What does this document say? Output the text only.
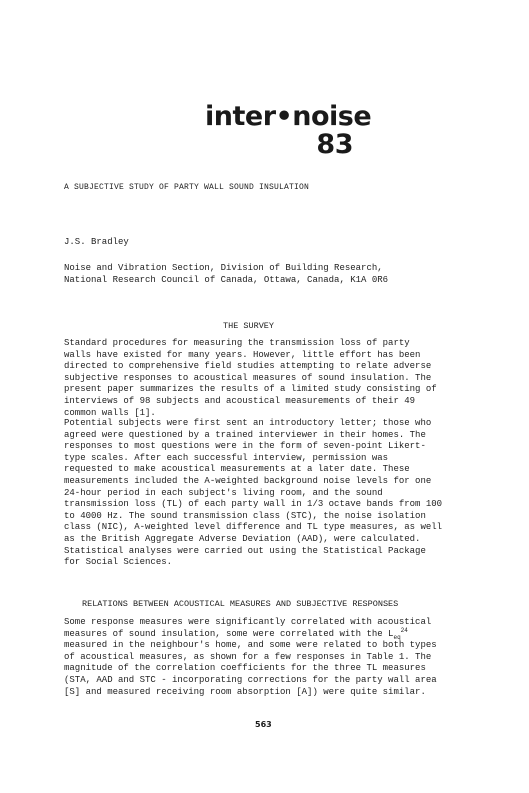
inter•noise
83
A SUBJECTIVE STUDY OF PARTY WALL SOUND INSULATION
J.S. Bradley
Noise and Vibration Section, Division of Building Research,
National Research Council of Canada, Ottawa, Canada, K1A 0R6
THE SURVEY
Standard procedures for measuring the transmission loss of party
walls have existed for many years. However, little effort has been
directed to comprehensive field studies attempting to relate adverse
subjective responses to acoustical measures of sound insulation. The
present paper summarizes the results of a limited study consisting of
interviews of 98 subjects and acoustical measurements of their 49
common walls [1].
Potential subjects were first sent an introductory letter; those who
agreed were questioned by a trained interviewer in their homes. The
responses to most questions were in the form of seven-point Likert-
type scales. After each successful interview, permission was
requested to make acoustical measurements at a later date. These
measurements included the A-weighted background noise levels for one
24-hour period in each subject's living room, and the sound
transmission loss (TL) of each party wall in 1/3 octave bands from 100
to 4000 Hz. The sound transmission class (STC), the noise isolation
class (NIC), A-weighted level difference and TL type measures, as well
as the British Aggregate Adverse Deviation (AAD), were calculated.
Statistical analyses were carried out using the Statistical Package
for Social Sciences.
RELATIONS BETWEEN ACOUSTICAL MEASURES AND SUBJECTIVE RESPONSES
Some response measures were significantly correlated with acoustical
measures of sound insulation, some were correlated with the $L_{eq}^{24}$
measured in the neighbour's home, and some were related to both types
of acoustical measures, as shown for a few responses in Table 1. The
magnitude of the correlation coefficients for the three TL measures
(STA, AAD and STC - incorporating corrections for the party wall area
[S] and measured receiving room absorption [A]) were quite similar.
563
